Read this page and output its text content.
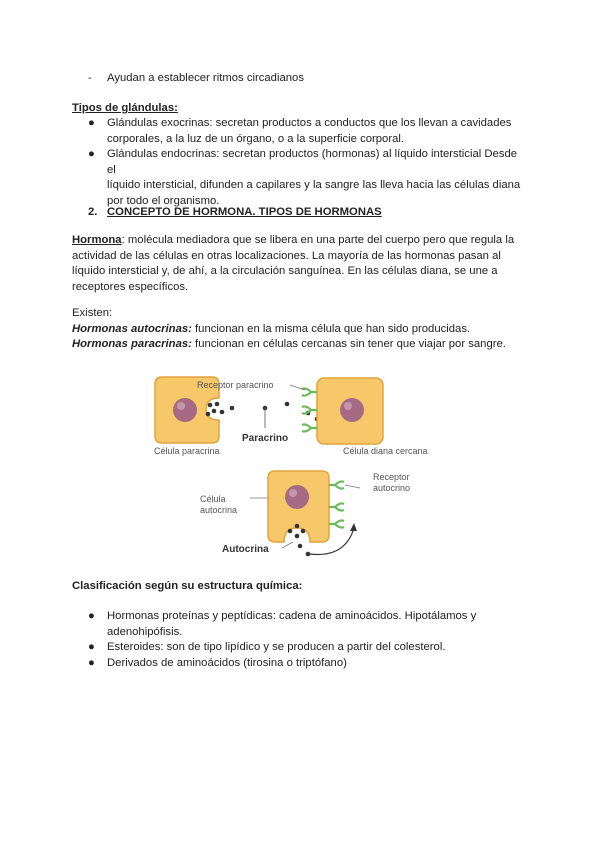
- Ayudan a establecer ritmos circadianos
Tipos de glándulas:
● Glándulas exocrinas: secretan productos a conductos que los llevan a cavidades
corporales, a la luz de un órgano, o a la superficie corporal.
● Glándulas endocrinas: secretan productos (hormonas) al líquido intersticial Desde el
líquido intersticial, difunden a capilares y la sangre las lleva hacia las células diana
por todo el organismo.
2. CONCEPTO DE HORMONA. TIPOS DE HORMONAS
Hormona: molécula mediadora que se libera en una parte del cuerpo pero que regula la
actividad de las células en otras localizaciones. La mayoría de las hormonas pasan al
líquido intersticial y, de ahí, a la circulación sanguínea. En las células diana, se une a
receptores específicos.
Existen:
Hormonas autocrinas: funcionan en la misma célula que han sido producidas.
Hormonas paracrinas: funcionan en células cercanas sin tener que viajar por sangre.
Receptor paracrino
Paracrino
Célula paracrina	Célula diana cercana
Receptor
autocrino
Célula
autocrina
Autocrina
Clasificación según su estructura química:
● Hormonas proteínas y peptídicas: cadena de aminoácidos. Hipotálamos y
adenohipófisis.
● Esteroides: son de tipo lipídico y se producen a partir del colesterol.
● Derivados de aminoácidos (tirosina o triptófano)
